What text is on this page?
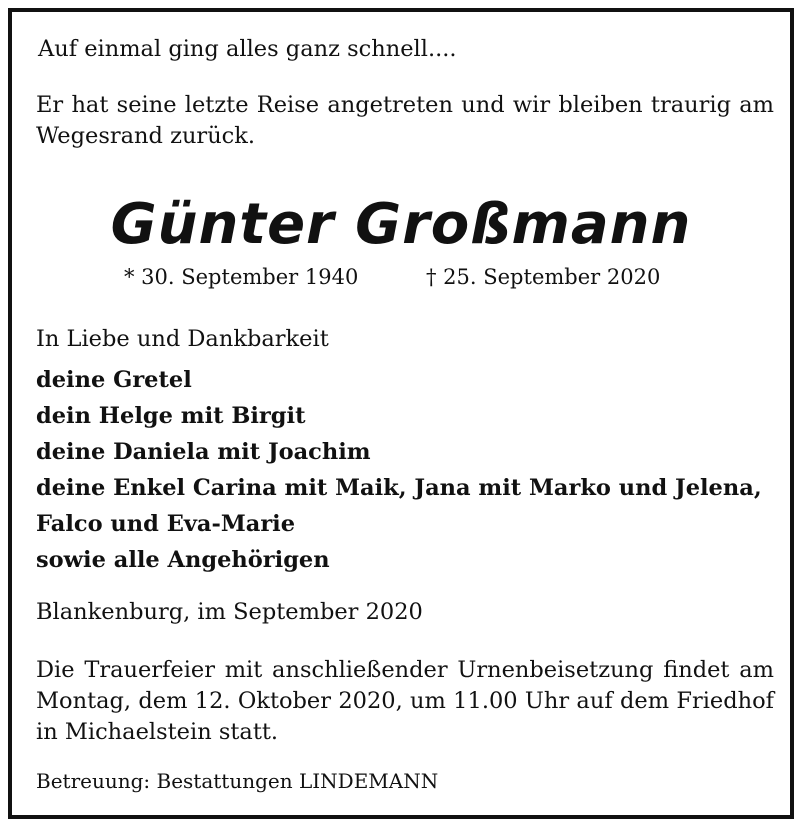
Auf einmal ging alles ganz schnell....
Er hat seine letzte Reise angetreten und wir bleiben traurig am Wegesrand zurück.
Günter Großmann
* 30. September 1940	† 25. September 2020
In Liebe und Dankbarkeit
deine Gretel
dein Helge mit Birgit
deine Daniela mit Joachim
deine Enkel Carina mit Maik, Jana mit Marko und Jelena,
Falco und Eva-Marie
sowie alle Angehörigen
Blankenburg, im September 2020
Die Trauerfeier mit anschließender Urnenbeisetzung findet am Montag, dem 12. Oktober 2020, um 11.00 Uhr auf dem Friedhof in Michaelstein statt.
Betreuung: Bestattungen LINDEMANN
